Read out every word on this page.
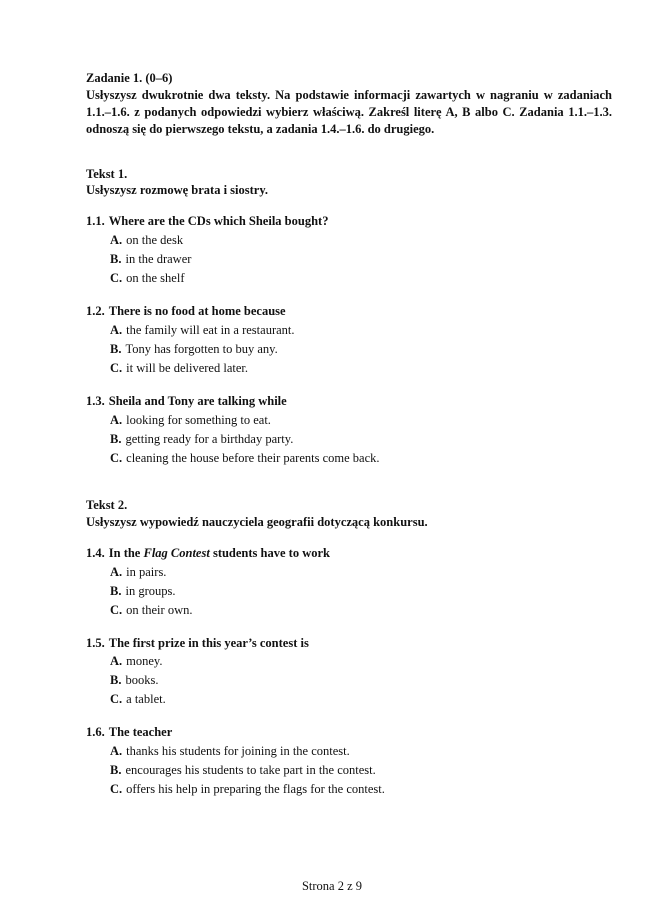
Zadanie 1. (0–6)

Usłyszysz dwukrotnie dwa teksty. Na podstawie informacji zawartych w nagraniu w zadaniach 1.1.–1.6. z podanych odpowiedzi wybierz właściwą. Zakreśl literę A, B albo C. Zadania 1.1.–1.3. odnoszą się do pierwszego tekstu, a zadania 1.4.–1.6. do drugiego.

Tekst 1.
Usłyszysz rozmowę brata i siostry.
1.1. Where are the CDs which Sheila bought?
A. on the desk
B. in the drawer
C. on the shelf
1.2. There is no food at home because
A. the family will eat in a restaurant.
B. Tony has forgotten to buy any.
C. it will be delivered later.
1.3. Sheila and Tony are talking while
A. looking for something to eat.
B. getting ready for a birthday party.
C. cleaning the house before their parents come back.
Tekst 2.
Usłyszysz wypowiedź nauczyciela geografii dotyczącą konkursu.
1.4. In the Flag Contest students have to work
A. in pairs.
B. in groups.
C. on their own.
1.5. The first prize in this year’s contest is
A. money.
B. books.
C. a tablet.
1.6. The teacher
A. thanks his students for joining in the contest.
B. encourages his students to take part in the contest.
C. offers his help in preparing the flags for the contest.
Strona 2 z 9
